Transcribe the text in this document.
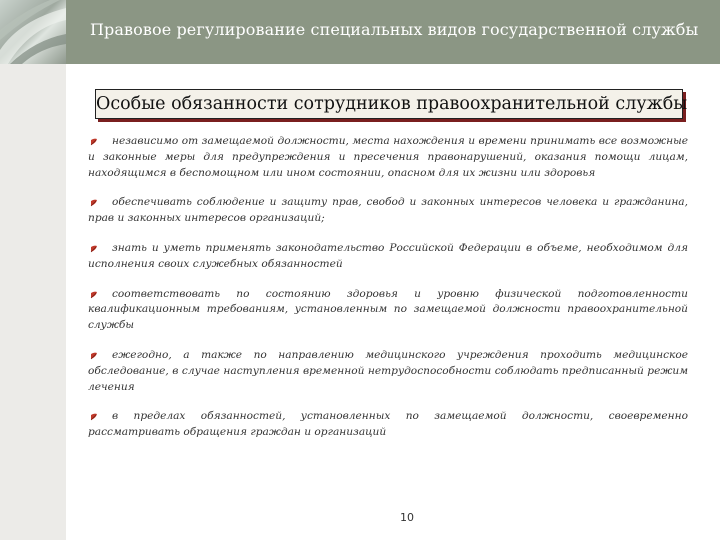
Правовое регулирование специальных видов государственной службы
Особые обязанности сотрудников правоохранительной службы
независимо от замещаемой должности, места нахождения и времени принимать все возможные и законные меры для предупреждения и пресечения правонарушений, оказания помощи лицам, находящимся в беспомощном или ином состоянии, опасном для их жизни или здоровья
обеспечивать соблюдение и защиту прав, свобод и законных интересов человека и гражданина, прав и законных интересов организаций;
знать и уметь применять законодательство Российской Федерации в объеме, необходимом для исполнения своих служебных обязанностей
соответствовать по состоянию здоровья и уровню физической подготовленности квалификационным требованиям, установленным по замещаемой должности правоохранительной службы
ежегодно, а также по направлению медицинского учреждения проходить медицинское обследование, в случае наступления временной нетрудоспособности соблюдать предписанный режим лечения
в пределах обязанностей, установленных по замещаемой должности, своевременно рассматривать обращения граждан и организаций
10
